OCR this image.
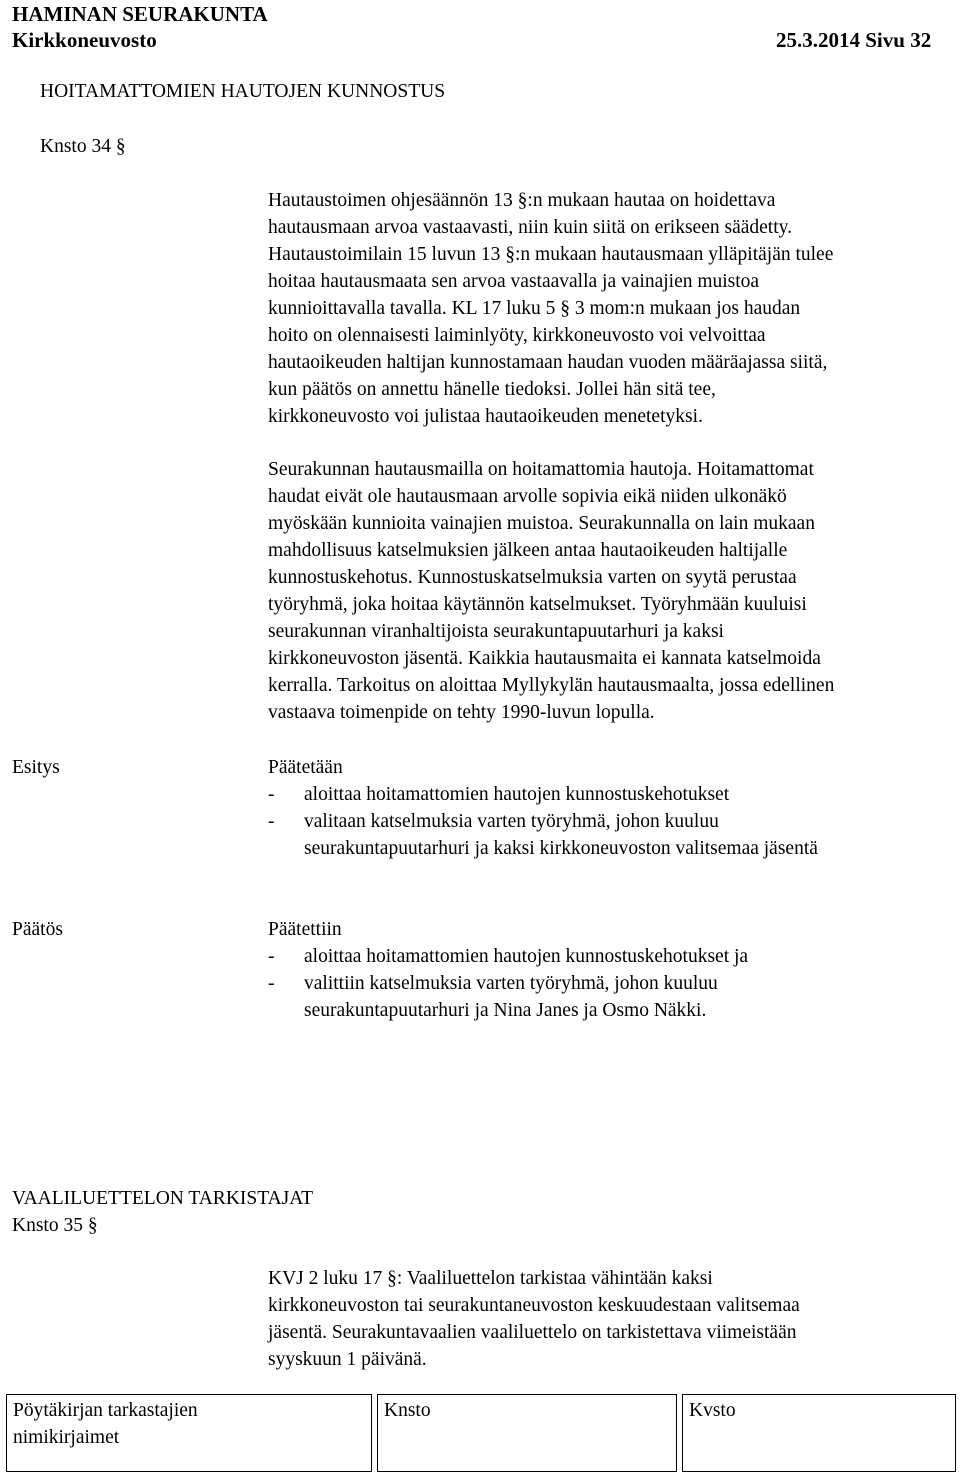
HAMINAN SEURAKUNTA
Kirkkoneuvosto	25.3.2014 Sivu 32
HOITAMATTOMIEN HAUTOJEN KUNNOSTUS
Knsto 34 §
Hautaustoimen ohjesäännön 13 §:n mukaan hautaa on hoidettava
hautausmaan arvoa vastaavasti, niin kuin siitä on erikseen säädetty.
Hautaustoimilain 15 luvun 13 §:n mukaan hautausmaan ylläpitäjän tulee
hoitaa hautausmaata sen arvoa vastaavalla ja vainajien muistoa
kunnioittavalla tavalla. KL 17 luku 5 § 3 mom:n mukaan jos haudan
hoito on olennaisesti laiminlyöty, kirkkoneuvosto voi velvoittaa
hautaoikeuden haltijan kunnostamaan haudan vuoden määräajassa siitä,
kun päätös on annettu hänelle tiedoksi. Jollei hän sitä tee,
kirkkoneuvosto voi julistaa hautaoikeuden menetetyksi.
Seurakunnan hautausmailla on hoitamattomia hautoja. Hoitamattomat
haudat eivät ole hautausmaan arvolle sopivia eikä niiden ulkonäkö
myöskään kunnioita vainajien muistoa. Seurakunnalla on lain mukaan
mahdollisuus katselmuksien jälkeen antaa hautaoikeuden haltijalle
kunnostuskehotus. Kunnostuskatselmuksia varten on syytä perustaa
työryhmä, joka hoitaa käytännön katselmukset. Työryhmään kuuluisi
seurakunnan viranhaltijoista seurakuntapuutarhuri ja kaksi
kirkkoneuvoston jäsentä. Kaikkia hautausmaita ei kannata katselmoida
kerralla. Tarkoitus on aloittaa Myllykylän hautausmaalta, jossa edellinen
vastaava toimenpide on tehty 1990-luvun lopulla.
Esitys	Päätetään
-	aloittaa hoitamattomien hautojen kunnostuskehotukset
-	valitaan katselmuksia varten työryhmä, johon kuuluu
seurakuntapuutarhuri ja kaksi kirkkoneuvoston valitsemaa jäsentä
Päätös	Päätettiin
-	aloittaa hoitamattomien hautojen kunnostuskehotukset ja
-	valittiin katselmuksia varten työryhmä, johon kuuluu
seurakuntapuutarhuri ja Nina Janes ja Osmo Näkki.
VAALILUETTELON TARKISTAJAT
Knsto 35 §
KVJ 2 luku 17 §: Vaaliluettelon tarkistaa vähintään kaksi
kirkkoneuvoston tai seurakuntaneuvoston keskuudestaan valitsemaa
jäsentä. Seurakuntavaalien vaaliluettelo on tarkistettava viimeistään
syyskuun 1 päivänä.
Pöytäkirjan tarkastajien
nimikirjaimet
Knsto	Kvsto
